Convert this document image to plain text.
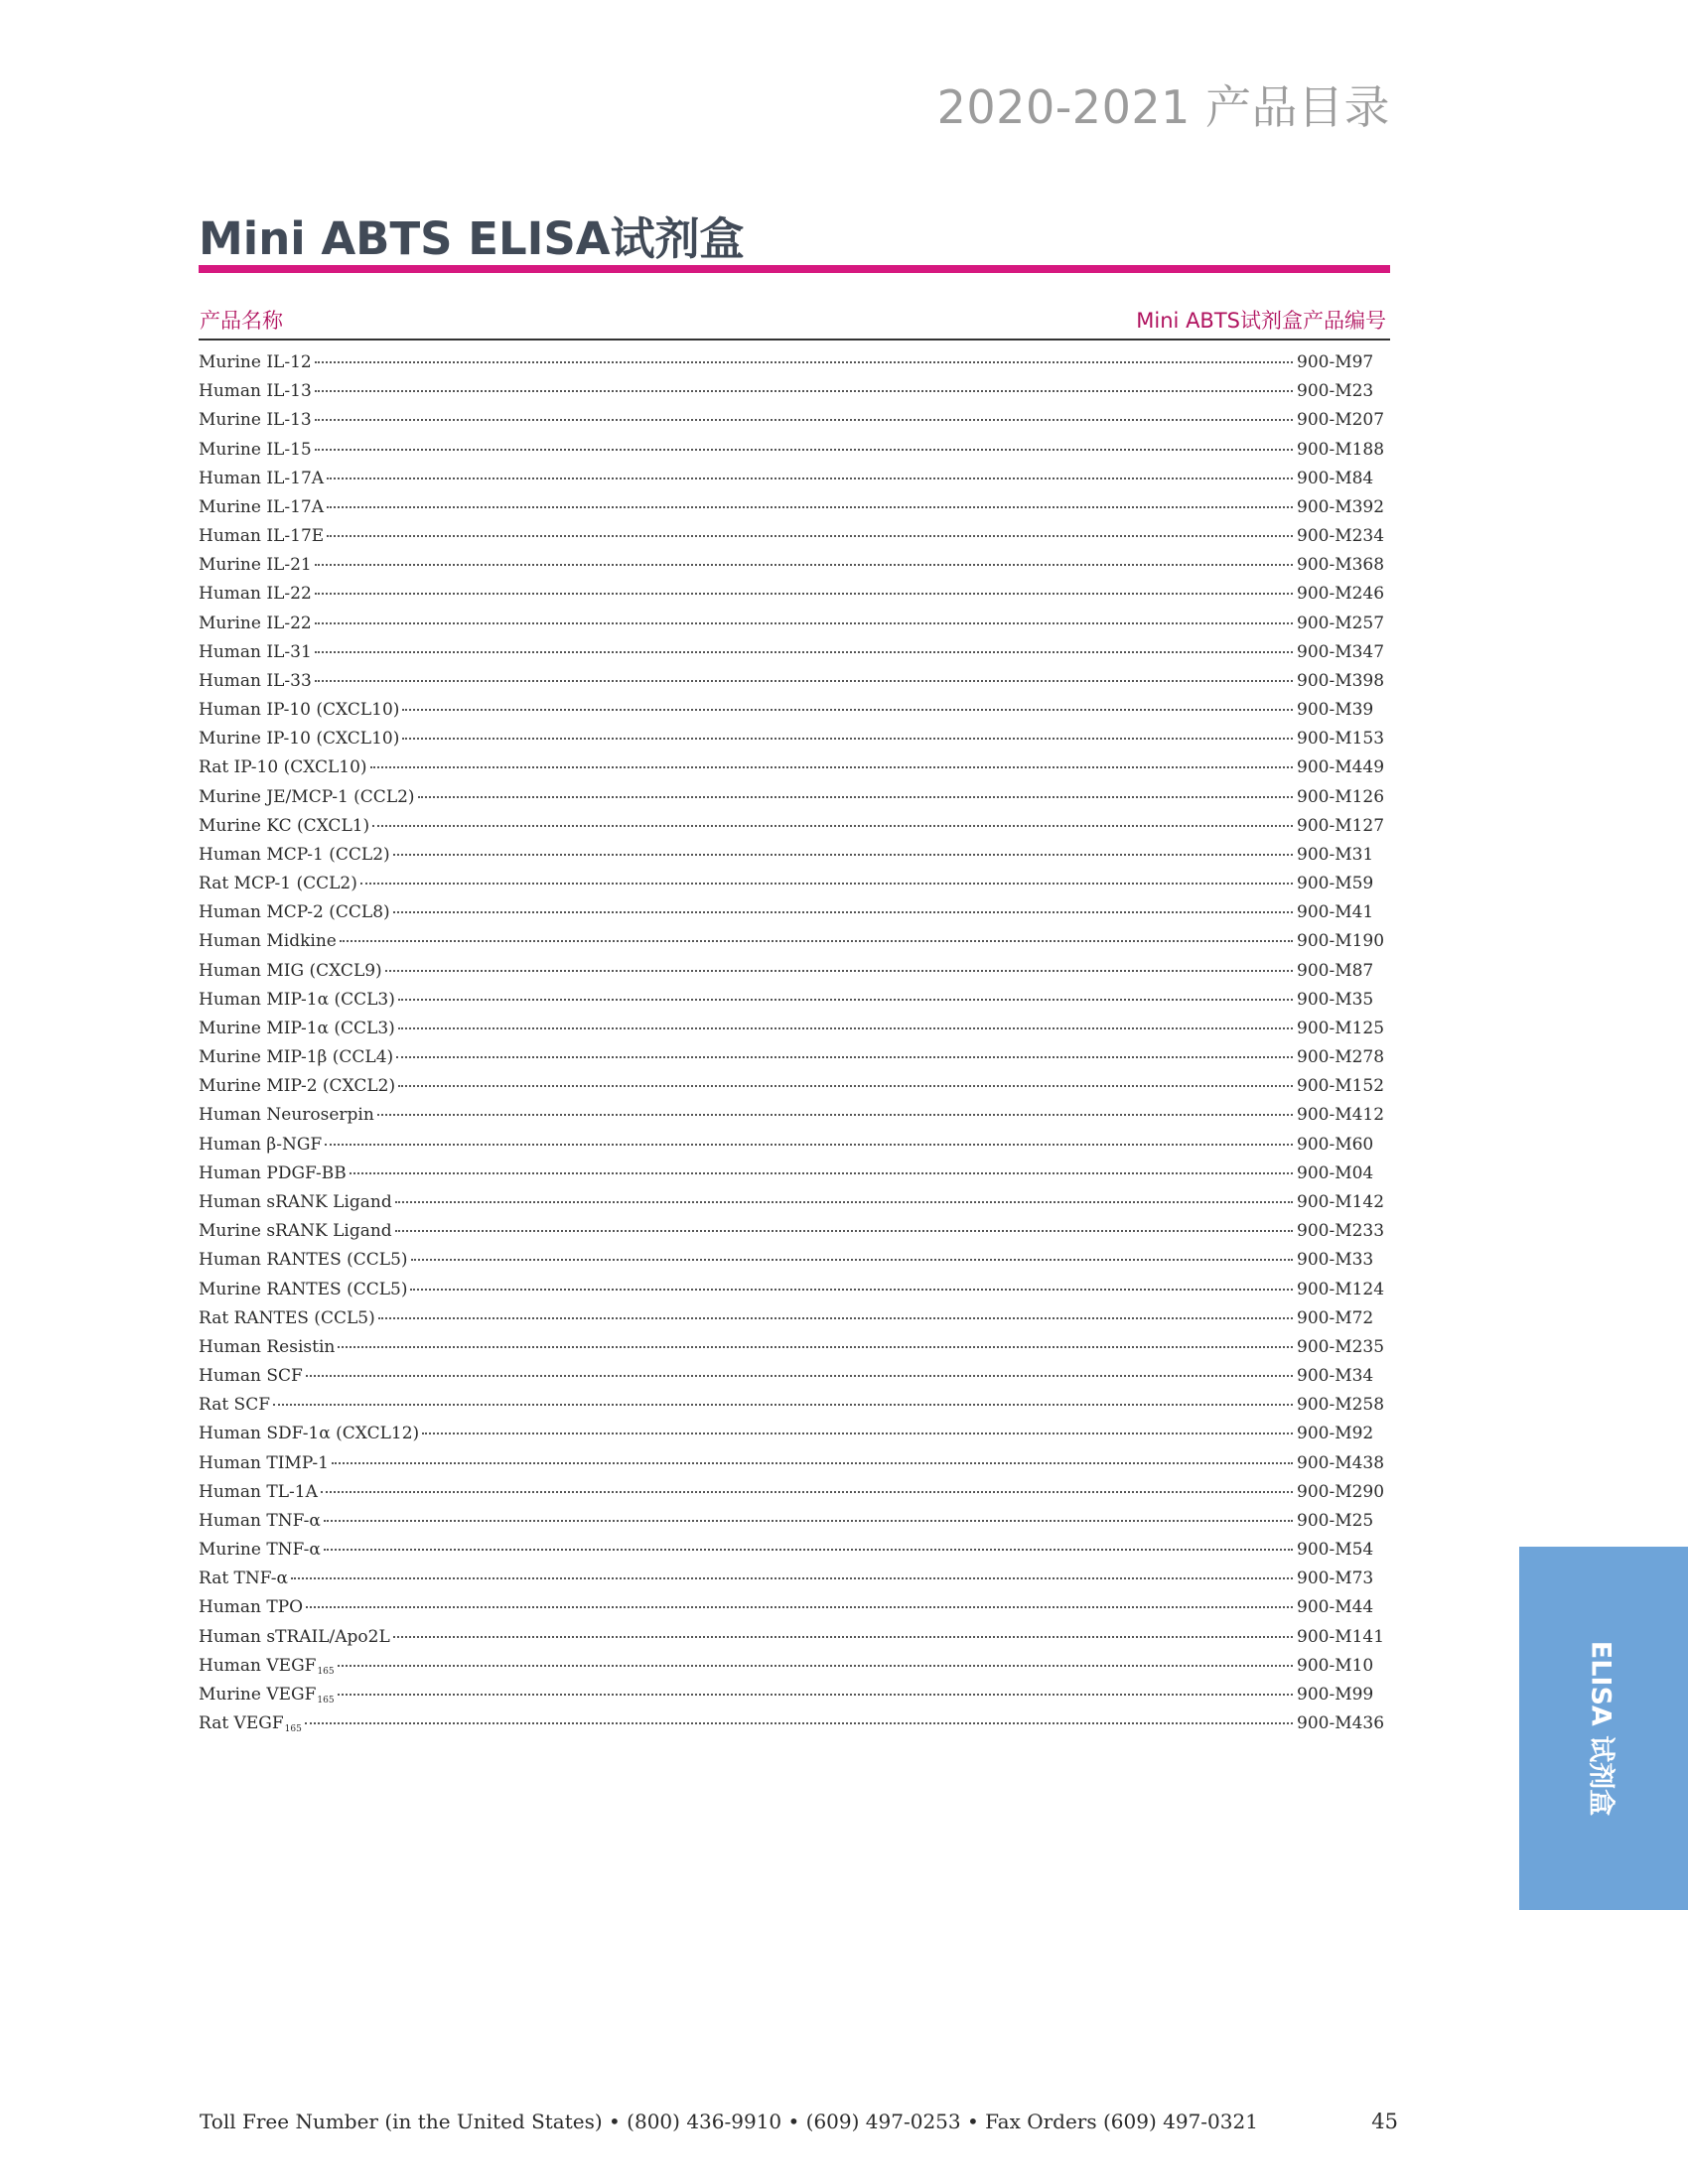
2020-2021 产品目录
Mini ABTS ELISA试剂盒
产品名称	Mini ABTS试剂盒产品编号
Murine IL-12	900-M97
Human IL-13	900-M23
Murine IL-13	900-M207
Murine IL-15	900-M188
Human IL-17A	900-M84
Murine IL-17A	900-M392
Human IL-17E	900-M234
Murine IL-21	900-M368
Human IL-22	900-M246
Murine IL-22	900-M257
Human IL-31	900-M347
Human IL-33	900-M398
Human IP-10 (CXCL10)	900-M39
Murine IP-10 (CXCL10)	900-M153
Rat IP-10 (CXCL10)	900-M449
Murine JE/MCP-1 (CCL2)	900-M126
Murine KC (CXCL1)	900-M127
Human MCP-1 (CCL2)	900-M31
Rat MCP-1 (CCL2)	900-M59
Human MCP-2 (CCL8)	900-M41
Human Midkine	900-M190
Human MIG (CXCL9)	900-M87
Human MIP-1α (CCL3)	900-M35
Murine MIP-1α (CCL3)	900-M125
Murine MIP-1β (CCL4)	900-M278
Murine MIP-2 (CXCL2)	900-M152
Human Neuroserpin	900-M412
Human β-NGF	900-M60
Human PDGF-BB	900-M04
Human sRANK Ligand	900-M142
Murine sRANK Ligand	900-M233
Human RANTES (CCL5)	900-M33
Murine RANTES (CCL5)	900-M124
Rat RANTES (CCL5)	900-M72
Human Resistin	900-M235
Human SCF	900-M34
Rat SCF	900-M258
Human SDF-1α (CXCL12)	900-M92
Human TIMP-1	900-M438
Human TL-1A	900-M290
Human TNF-α	900-M25
Murine TNF-α	900-M54
Rat TNF-α	900-M73
Human TPO	900-M44
Human sTRAIL/Apo2L	900-M141
Human $VEGF_{165}$	900-M10
Murine $VEGF_{165}$	900-M99
Rat $VEGF_{165}$	900-M436	ELISA 试剂盒
Toll Free Number (in the United States) • (800) 436-9910 • (609) 497-0253 • Fax Orders (609) 497-0321	45
